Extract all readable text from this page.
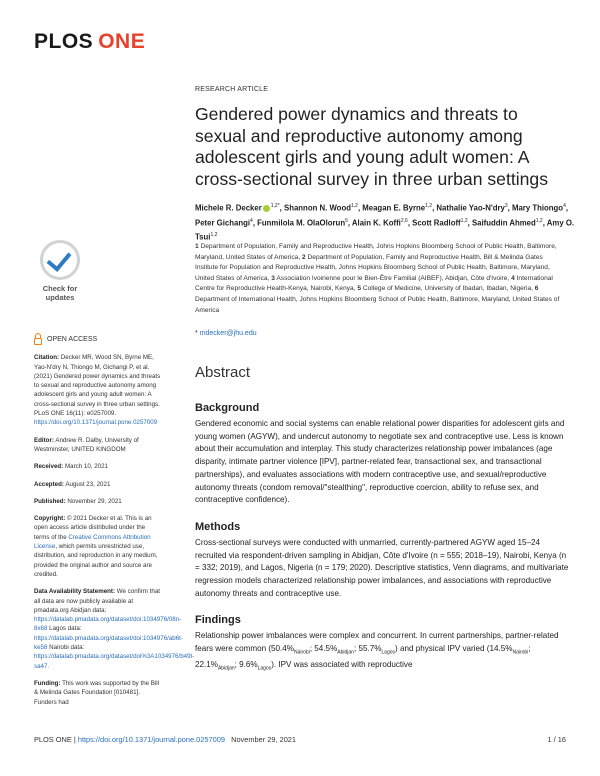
PLOS ONE
RESEARCH ARTICLE
Gendered power dynamics and threats to sexual and reproductive autonomy among adolescent girls and young adult women: A cross-sectional survey in three urban settings
Michele R. Decker $^{1,2*}$, Shannon N. Wood$^{1,2}$, Meagan E. Byrne$^{1,2}$, Nathalie Yao-N'dry$^3$, Mary Thiongo$^4$, Peter Gichangi$^4$, Funmilola M. OlaOlorun$^5$, Alain K. Koffi$^{2,6}$, Scott Radloff$^{1,2}$, Saifuddin Ahmed$^{1,2}$, Amy O. Tsui$^{1,2}$
1 Department of Population, Family and Reproductive Health, Johns Hopkins Bloomberg School of Public Health, Baltimore, Maryland, United States of America, 2 Department of Population, Family and Reproductive Health, Bill & Melinda Gates Institute for Population and Reproductive Health, Johns Hopkins Bloomberg School of Public Health, Baltimore, Maryland, United States of America, 3 Association Ivoirienne pour le Bien-Être Familial (AIBEF), Abidjan, Côte d'Ivoire, 4 International Centre for Reproductive Health-Kenya, Nairobi, Kenya, 5 College of Medicine, University of Ibadan, Ibadan, Nigeria, 6 Department of International Health, Johns Hopkins Bloomberg School of Public Health, Baltimore, Maryland, United States of America
* mdecker@jhu.edu
Check for
updates
OPEN ACCESS
Citation: Decker MR, Wood SN, Byrne ME, Yao-N'dry N, Thiongo M, Gichangi P, et al. (2021) Gendered power dynamics and threats to sexual and reproductive autonomy among adolescent girls and young adult women: A cross-sectional survey in three urban settings. PLoS ONE 16(11): e0257009. https://doi.org/10.1371/journal.pone.0257009
Editor: Andrew R. Dalby, University of Westminster, UNITED KINGDOM
Received: March 10, 2021
Accepted: August 23, 2021
Published: November 29, 2021
Copyright: © 2021 Decker et al. This is an open access article distributed under the terms of the Creative Commons Attribution License, which permits unrestricted use, distribution, and reproduction in any medium, provided the original author and source are credited.
Data Availability Statement: We confirm that all data are now publicly available at pmadata.org Abidjan data: https://datalab.pmadata.org/dataset/doi:1034976/08n-8x68 Lagos data: https://datalab.pmadata.org/dataset/doi:1034976/ab6t-ke58 Nairobi data: https://datalab.pmadata.org/dataset/doi%3A1034976/b49t-sa47.
Funding: This work was supported by the Bill & Melinda Gates Foundation [010481]. Funders had
Abstract
Background

Gendered economic and social systems can enable relational power disparities for adolescent girls and young women (AGYW), and undercut autonomy to negotiate sex and contraceptive use. Less is known about their accumulation and interplay. This study characterizes relationship power imbalances (age disparity, intimate partner violence [IPV], partner-related fear, transactional sex, and transactional partnerships), and evaluates associations with modern contraceptive use, and sexual/reproductive autonomy threats (condom removal/"stealthing", reproductive coercion, ability to refuse sex, and contraceptive confidence).

Methods

Cross-sectional surveys were conducted with unmarried, currently-partnered AGYW aged 15–24 recruited via respondent-driven sampling in Abidjan, Côte d'Ivoire (n = 555; 2018–19), Nairobi, Kenya (n = 332; 2019), and Lagos, Nigeria (n = 179; 2020). Descriptive statistics, Venn diagrams, and multivariate regression models characterized relationship power imbalances, and associations with reproductive autonomy threats and contraceptive use.

Findings

Relationship power imbalances were complex and concurrent. In current partnerships, partner-related fears were common ($50.4\%_{Nairobi}$; $54.5\%_{Abidjan}$; $55.7\%_{Lagos}$) and physical IPV varied ($14.5\%_{Nairobi}$; $22.1\%_{Abidjan}$; $9.6\%_{Lagos}$). IPV was associated with reproductive

PLOS ONE | https://doi.org/10.1371/journal.pone.0257009 November 29, 2021	1 / 16
